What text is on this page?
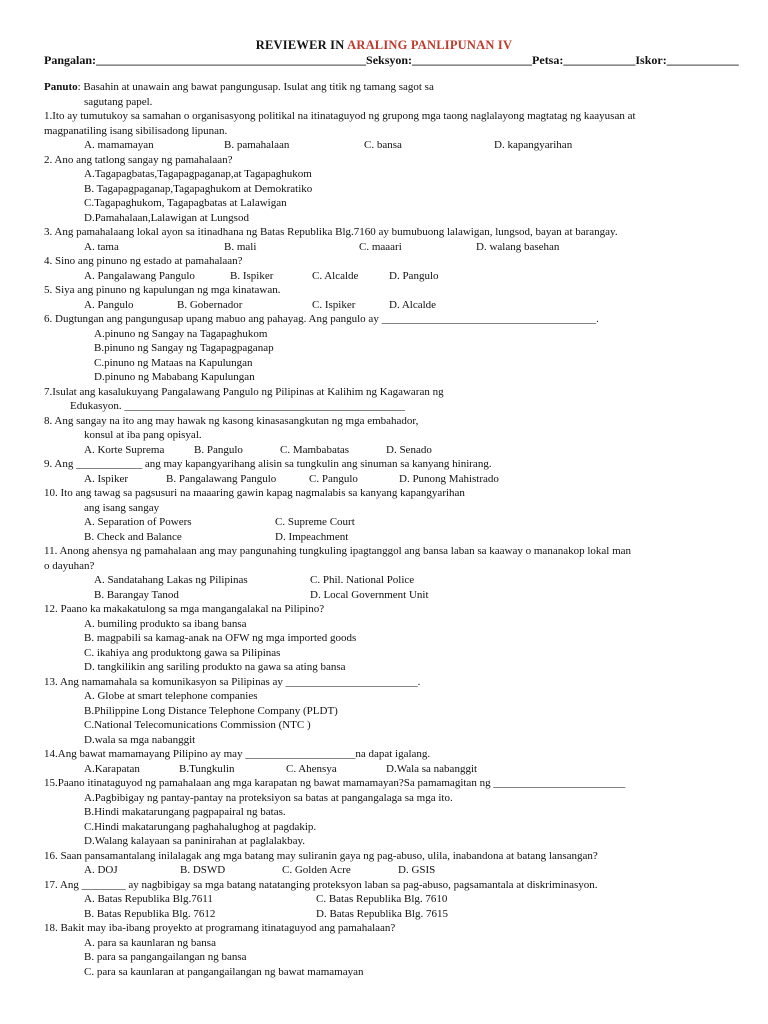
REVIEWER IN ARALING PANLIPUNAN IV
Pangalan:_____________________________________________Seksyon:____________________Petsa:____________Iskor:____________

Panuto: Basahin at unawain ang bawat pangungusap. Isulat ang titik ng tamang sagot sa

sagutang papel.

1.Ito ay tumutukoy sa samahan o organisasyong politikal na itinataguyod ng grupong mga taong naglalayong magtatag ng kaayusan at

magpanatiling isang sibilisadong lipunan.

A. mamamayan	B. pamahalaan	C. bansa	D. kapangyarihan

2. Ano ang tatlong sangay ng pamahalaan?

A.Tagapagbatas,Tagapagpaganap,at Tagapaghukom

B. Tagapagpaganap,Tagapaghukom at Demokratiko

C.Tagapaghukom, Tagapagbatas at Lalawigan

D.Pamahalaan,Lalawigan at Lungsod

3. Ang pamahalaang lokal ayon sa itinadhana ng Batas Republika Blg.7160 ay bumubuong lalawigan, lungsod, bayan at barangay.

A. tama	B. mali	C. maaari	D. walang basehan

4. Sino ang pinuno ng estado at pamahalaan?

A. Pangalawang Pangulo	B. Ispiker	C. Alcalde	D. Pangulo

5. Siya ang pinuno ng kapulungan ng mga kinatawan.

A. Pangulo	B. Gobernador	C. Ispiker	D. Alcalde

6. Dugtungan ang pangungusap upang mabuo ang pahayag. Ang pangulo ay _______________________________________.

A.pinuno ng Sangay na Tagapaghukom

B.pinuno ng Sangay ng Tagapagpaganap

C.pinuno ng Mataas na Kapulungan

D.pinuno ng Mababang Kapulungan

7.Isulat ang kasalukuyang Pangalawang Pangulo ng Pilipinas at Kalihim ng Kagawaran ng

Edukasyon. ___________________________________________________

8. Ang sangay na ito ang may hawak ng kasong kinasasangkutan ng mga embahador,

konsul at iba pang opisyal.

A. Korte Suprema	B. Pangulo	C. Mambabatas	D. Senado

9. Ang ____________ ang may kapangyarihang alisin sa tungkulin ang sinuman sa kanyang hinirang.

A. Ispiker	B. Pangalawang Pangulo	C. Pangulo	D. Punong Mahistrado

10. Ito ang tawag sa pagsusuri na maaaring gawin kapag nagmalabis sa kanyang kapangyarihan

ang isang sangay

A. Separation of Powers	C. Supreme Court

B. Check and Balance	D. Impeachment

11. Anong ahensya ng pamahalaan ang may pangunahing tungkuling ipagtanggol ang bansa laban sa kaaway o mananakop lokal man

o dayuhan?

A. Sandatahang Lakas ng Pilipinas	C. Phil. National Police

B. Barangay Tanod	D. Local Government Unit

12. Paano ka makakatulong sa mga mangangalakal na Pilipino?

A. bumiling produkto sa ibang bansa

B. magpabili sa kamag-anak na OFW ng mga imported goods

C. ikahiya ang produktong gawa sa Pilipinas

D. tangkilikin ang sariling produkto na gawa sa ating bansa

13. Ang namamahala sa komunikasyon sa Pilipinas ay ________________________.

A. Globe at smart telephone companies

B.Philippine Long Distance Telephone Company (PLDT)

C.National Telecomunications Commission (NTC )

D.wala sa mga nabanggit

14.Ang bawat mamamayang Pilipino ay may ____________________na dapat igalang.

A.Karapatan	B.Tungkulin	C. Ahensya	D.Wala sa nabanggit

15.Paano itinataguyod ng pamahalaan ang mga karapatan ng bawat mamamayan?Sa pamamagitan ng ________________________

A.Pagbibigay ng pantay-pantay na proteksiyon sa batas at pangangalaga sa mga ito.

B.Hindi makatarungang pagpapairal ng batas.

C.Hindi makatarungang paghahalughog at pagdakip.

D.Walang kalayaan sa paninirahan at paglalakbay.

16. Saan pansamantalang inilalagak ang mga batang may suliranin gaya ng pag-abuso, ulila, inabandona at batang lansangan?

A. DOJ	B. DSWD	C. Golden Acre	D. GSIS

17. Ang ________ ay nagbibigay sa mga batang natatanging proteksyon laban sa pag-abuso, pagsamantala at diskriminasyon.

A. Batas Republika Blg.7611	C. Batas Republika Blg. 7610

B. Batas Republika Blg. 7612	D. Batas Republika Blg. 7615

18. Bakit may iba-ibang proyekto at programang itinataguyod ang pamahalaan?

A. para sa kaunlaran ng bansa

B. para sa pangangailangan ng bansa

C. para sa kaunlaran at pangangailangan ng bawat mamamayan
